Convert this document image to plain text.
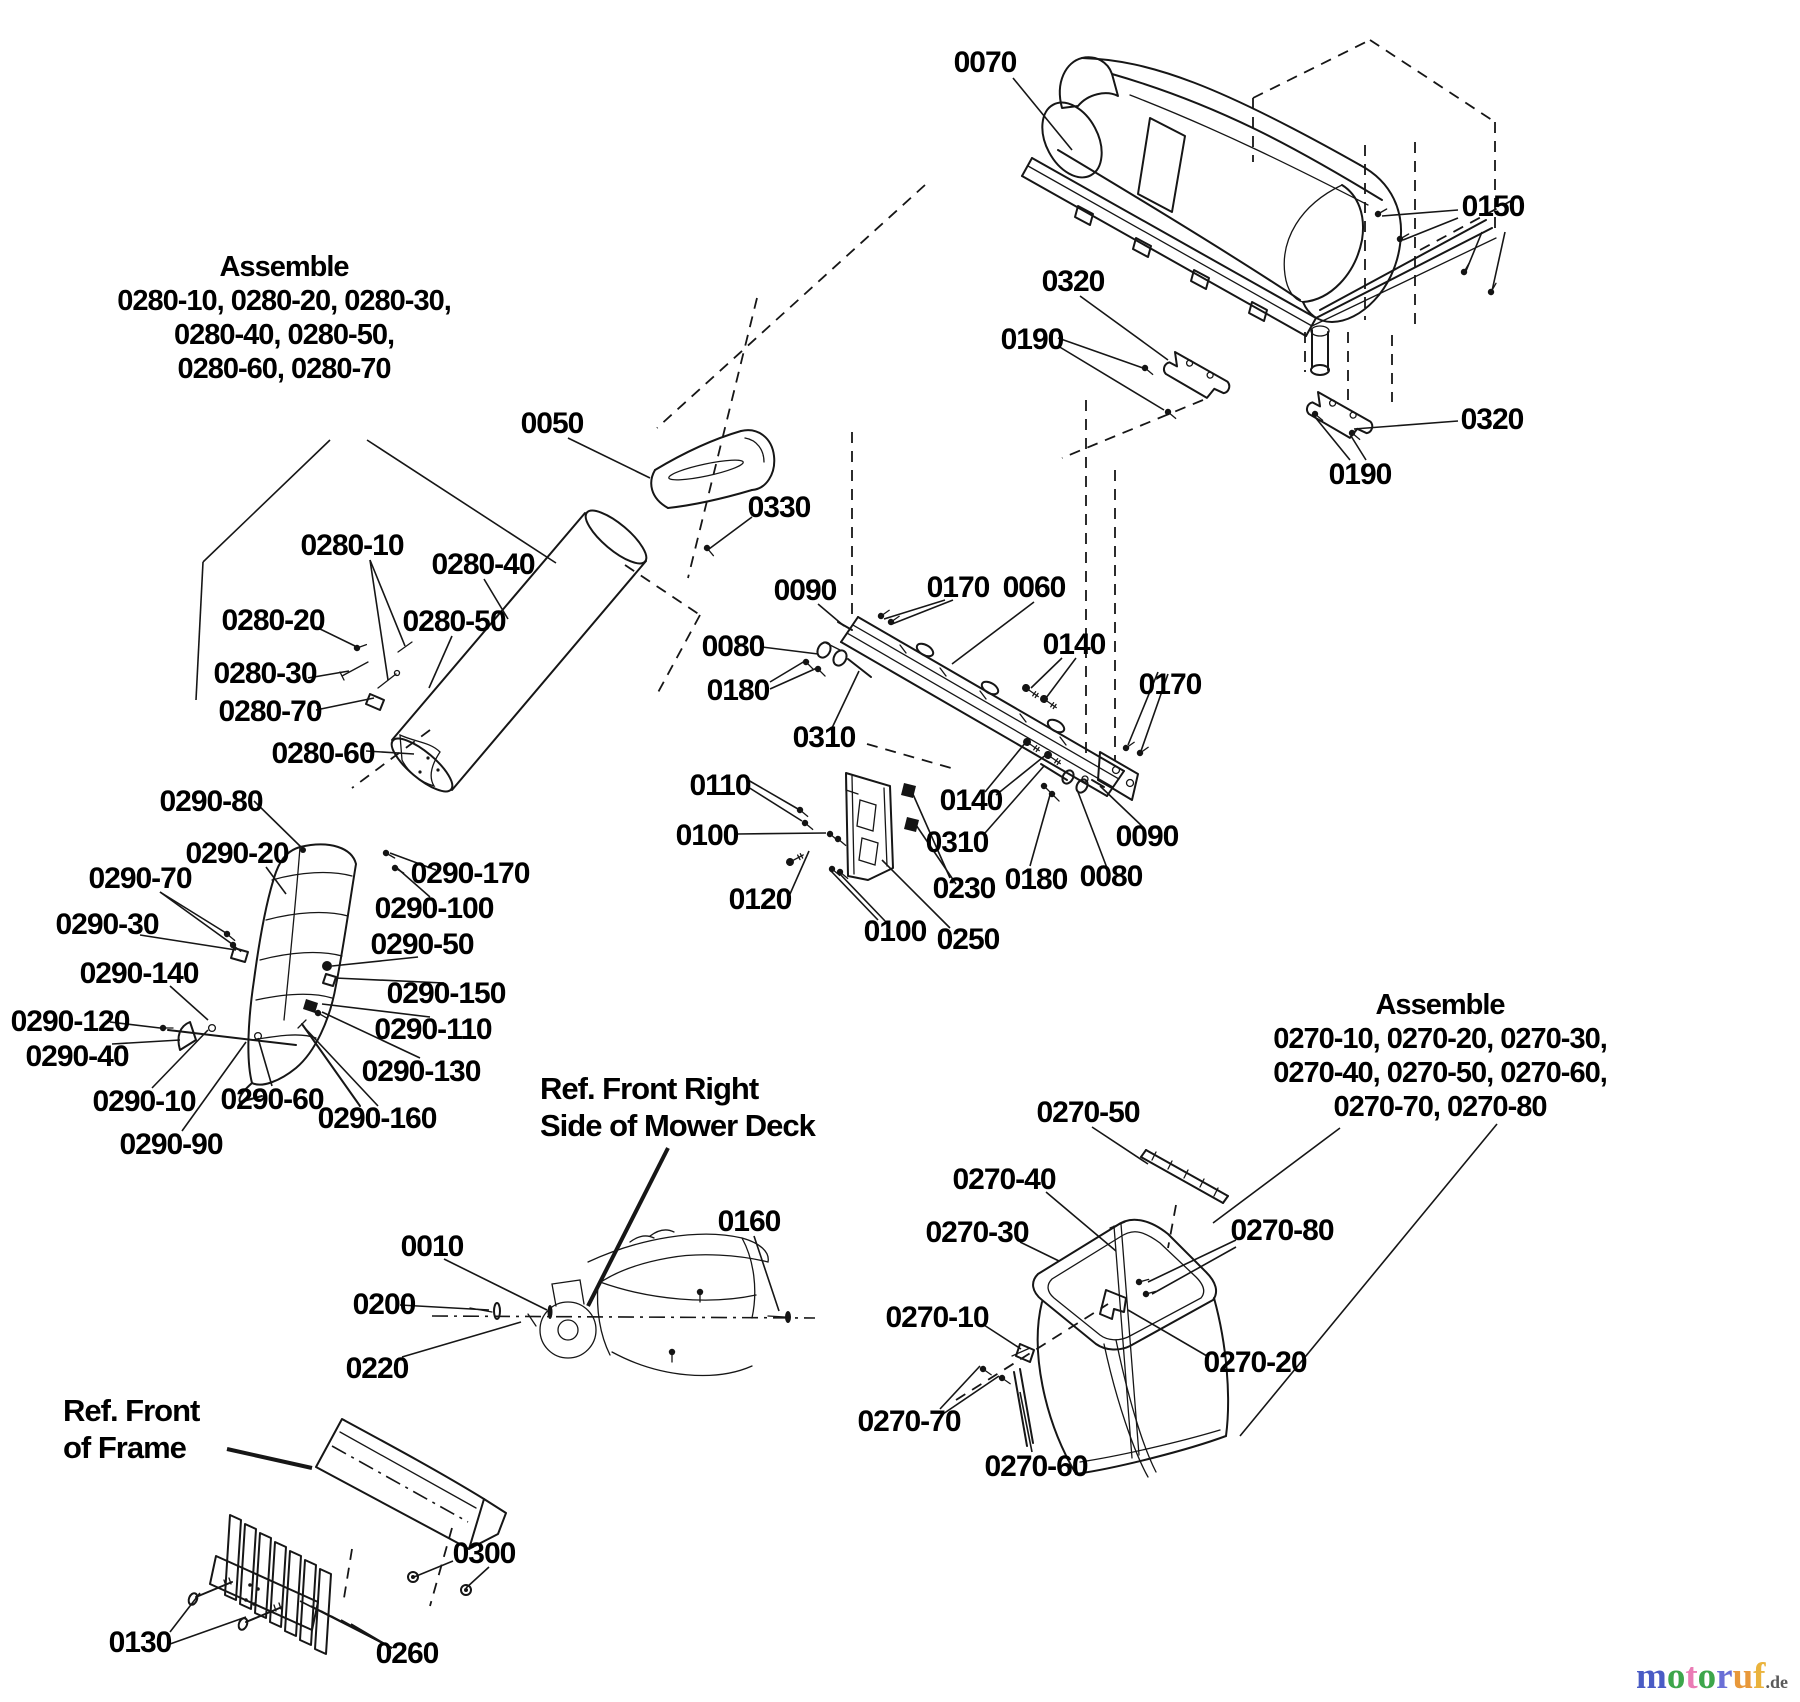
Assemble
0280-10, 0280-20, 0280-30,
0280-40, 0280-50,
0280-60, 0280-70
Assemble
0270-10, 0270-20, 0270-30,
0270-40, 0270-50, 0270-60,
0270-70, 0270-80
Ref. Front Right
Side of Mower Deck
Ref. Front
of Frame
0070
0150
0320
0190
0320
0190
0050
0330
0280-10
0280-40
0280-20	0280-50
0280-30
0280-70
0280-60
0090	0170 0060
0080	0140
0180	0170
0310
0110	0140
0100	0310
0230 0180 0080
0090
0120
0100 0250
0290-80
0290-20
0290-170
0290-70
0290-100
0290-30
0290-50
0290-140
0290-150
0290-120	0290-110
0290-40	0290-130
0290-10 0290-60
0290-160
0290-90
0160
0010
0200
0220
0270-50
0270-40
0270-30	0270-80
0270-10
0270-20
0270-70
0270-60
0300
0130	0260
motoruf.de
